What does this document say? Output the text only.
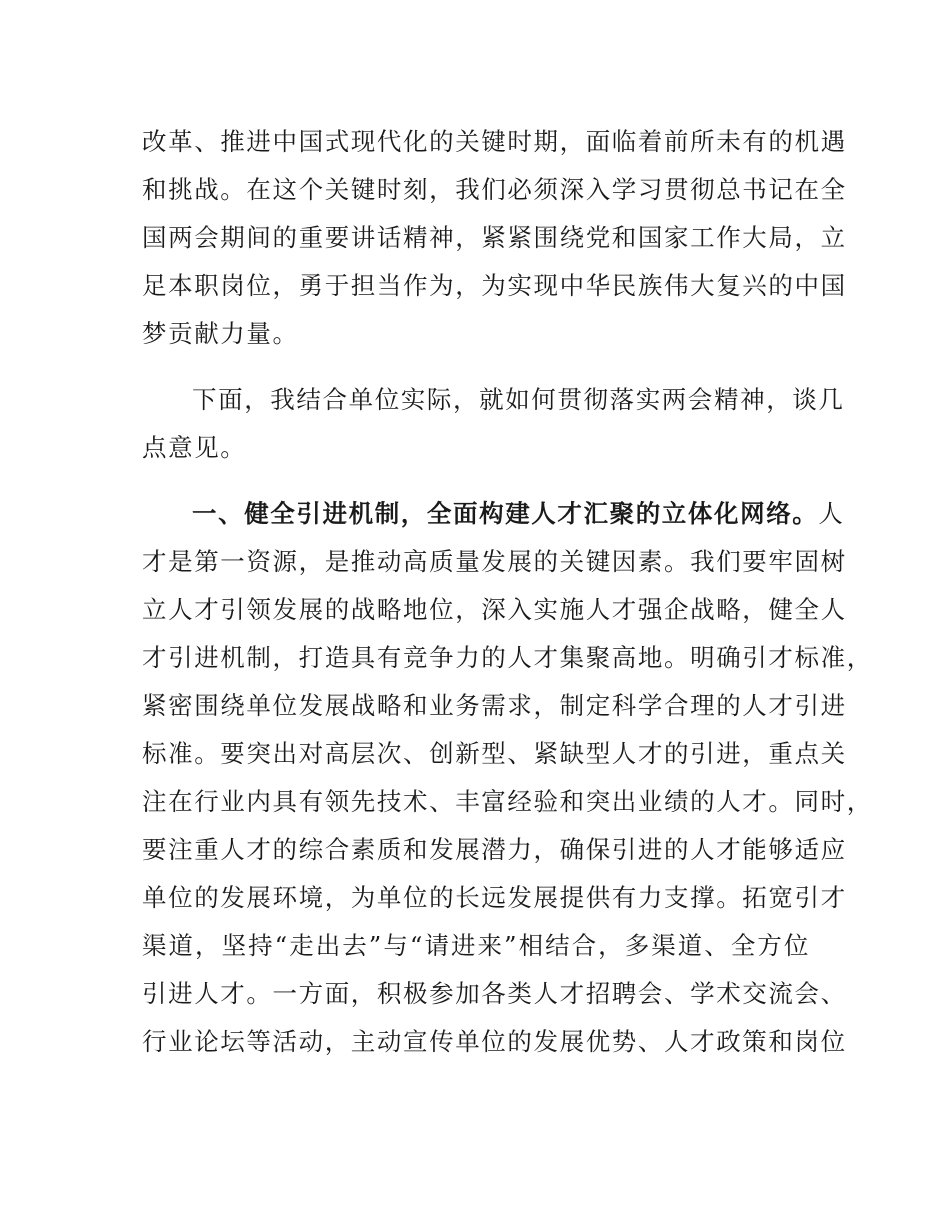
改革、推进中国式现代化的关键时期，面临着前所未有的机遇
和挑战。在这个关键时刻，我们必须深入学习贯彻总书记在全
国两会期间的重要讲话精神，紧紧围绕党和国家工作大局，立
足本职岗位，勇于担当作为，为实现中华民族伟大复兴的中国
梦贡献力量。
下面，我结合单位实际，就如何贯彻落实两会精神，谈几
点意见。
一、健全引进机制，全面构建人才汇聚的立体化网络。人
才是第一资源，是推动高质量发展的关键因素。我们要牢固树
立人才引领发展的战略地位，深入实施人才强企战略，健全人
才引进机制，打造具有竞争力的人才集聚高地。明确引才标准，
紧密围绕单位发展战略和业务需求，制定科学合理的人才引进
标准。要突出对高层次、创新型、紧缺型人才的引进，重点关
注在行业内具有领先技术、丰富经验和突出业绩的人才。同时，
要注重人才的综合素质和发展潜力，确保引进的人才能够适应
单位的发展环境，为单位的长远发展提供有力支撑。拓宽引才
渠道，坚持“走出去”与“请进来”相结合，多渠道、全方位
引进人才。一方面，积极参加各类人才招聘会、学术交流会、
行业论坛等活动，主动宣传单位的发展优势、人才政策和岗位
